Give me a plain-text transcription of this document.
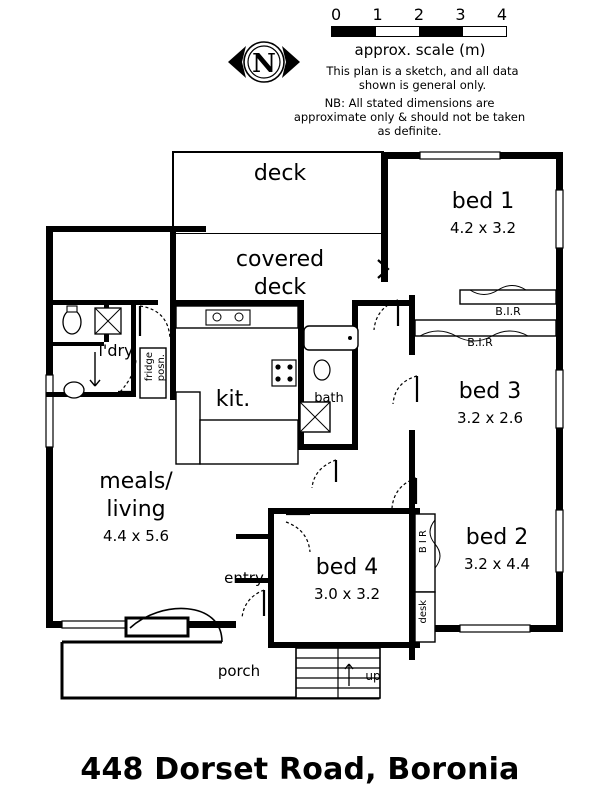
0 1 2 3 4
approx. scale (m)
This plan is a sketch, and all data shown is general only.
NB: All stated dimensions are approximate only & should not be taken as definite.
N
deck
covered
deck
bed 1
4.2 x 3.2
bed 3
3.2 x 2.6
bed 2
3.2 x 4.4
bed 4
3.0 x 3.2
meals/
living
4.4 x 5.6
kit.	bath
l'dry
entry
porch
B.I.R
B.I.R
B I R
desk
fridge posn.
up
448 Dorset Road, Boronia
